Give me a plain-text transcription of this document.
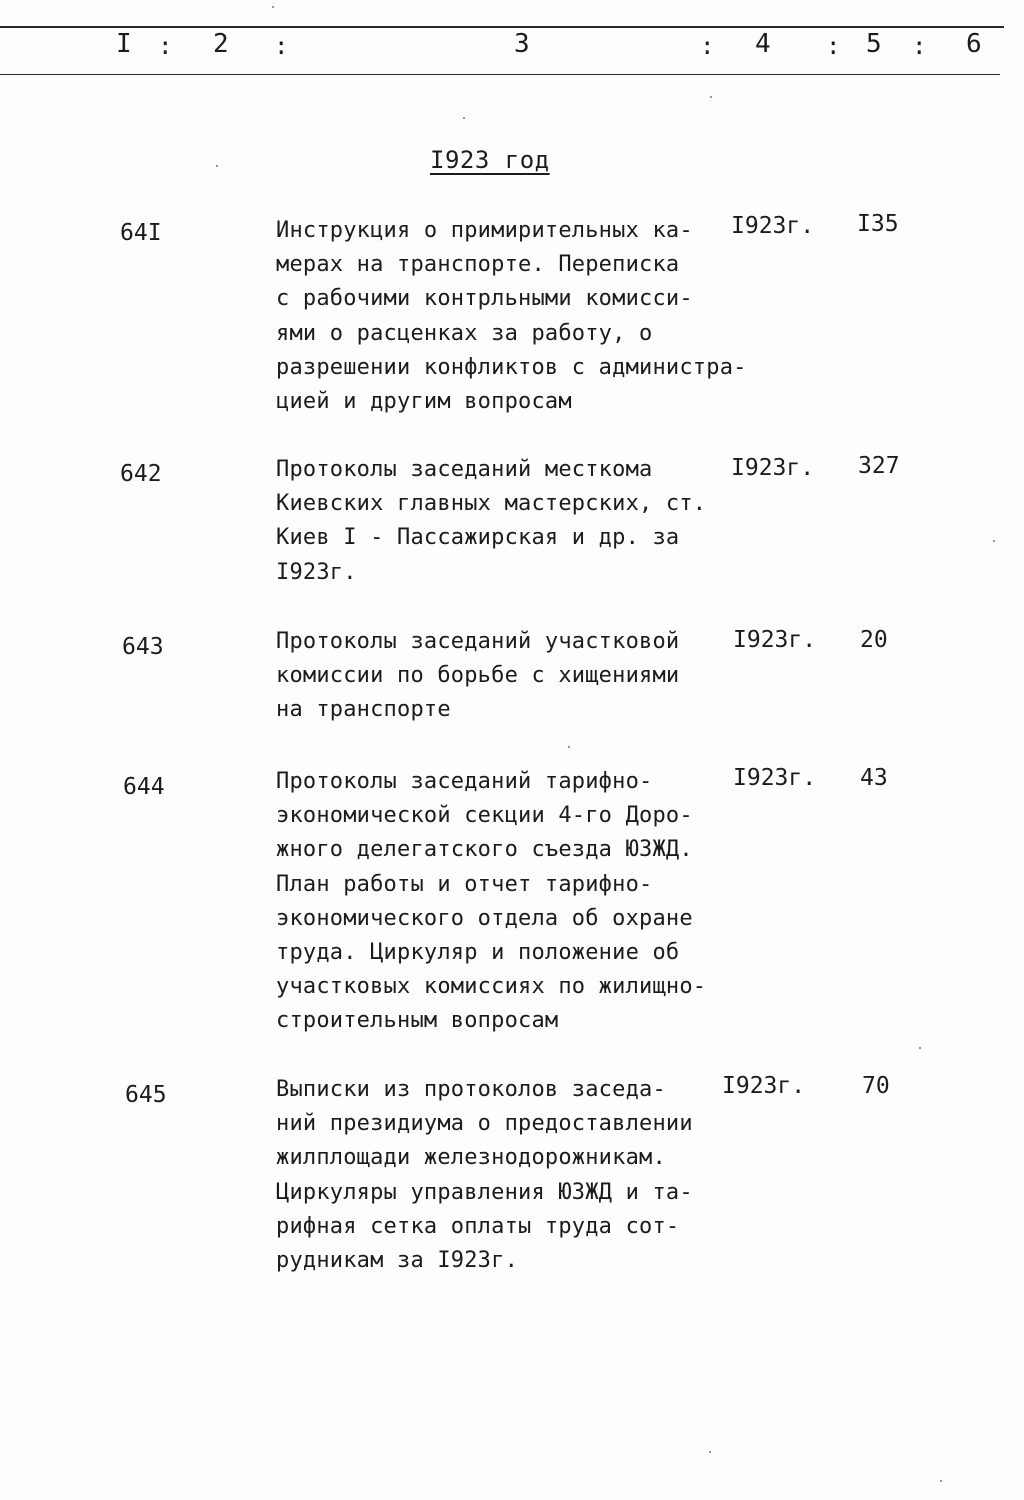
I : 2 :	3	: 4 : 5 : 6
I923 год
64I	Инструкция о примирительных ка-
мерах на транспорте. Переписка
с рабочими контрльными комисси-
ями о расценках за работу, о
разрешении конфликтов с администра-
цией и другим вопросам
I923г. I35
642	Протоколы заседаний месткома
Киевских главных мастерских, ст.
Киев I - Пассажирская и др. за
I923г.
I923г. 327
643	Протоколы заседаний участковой
комиссии по борьбе с хищениями
на транспорте
I923г. 20
644	Протоколы заседаний тарифно-
экономической секции 4-го Доро-
жного делегатского съезда ЮЗЖД.
План работы и отчет тарифно-
экономического отдела об охране
труда. Циркуляр и положение об
участковых комиссиях по жилищно-
строительным вопросам
I923г. 43
645	Выписки из протоколов заседа-
ний президиума о предоставлении
жилплощади железнодорожникам.
Циркуляры управления ЮЗЖД и та-
рифная сетка оплаты труда сот-
рудникам за I923г.
I923г. 70
